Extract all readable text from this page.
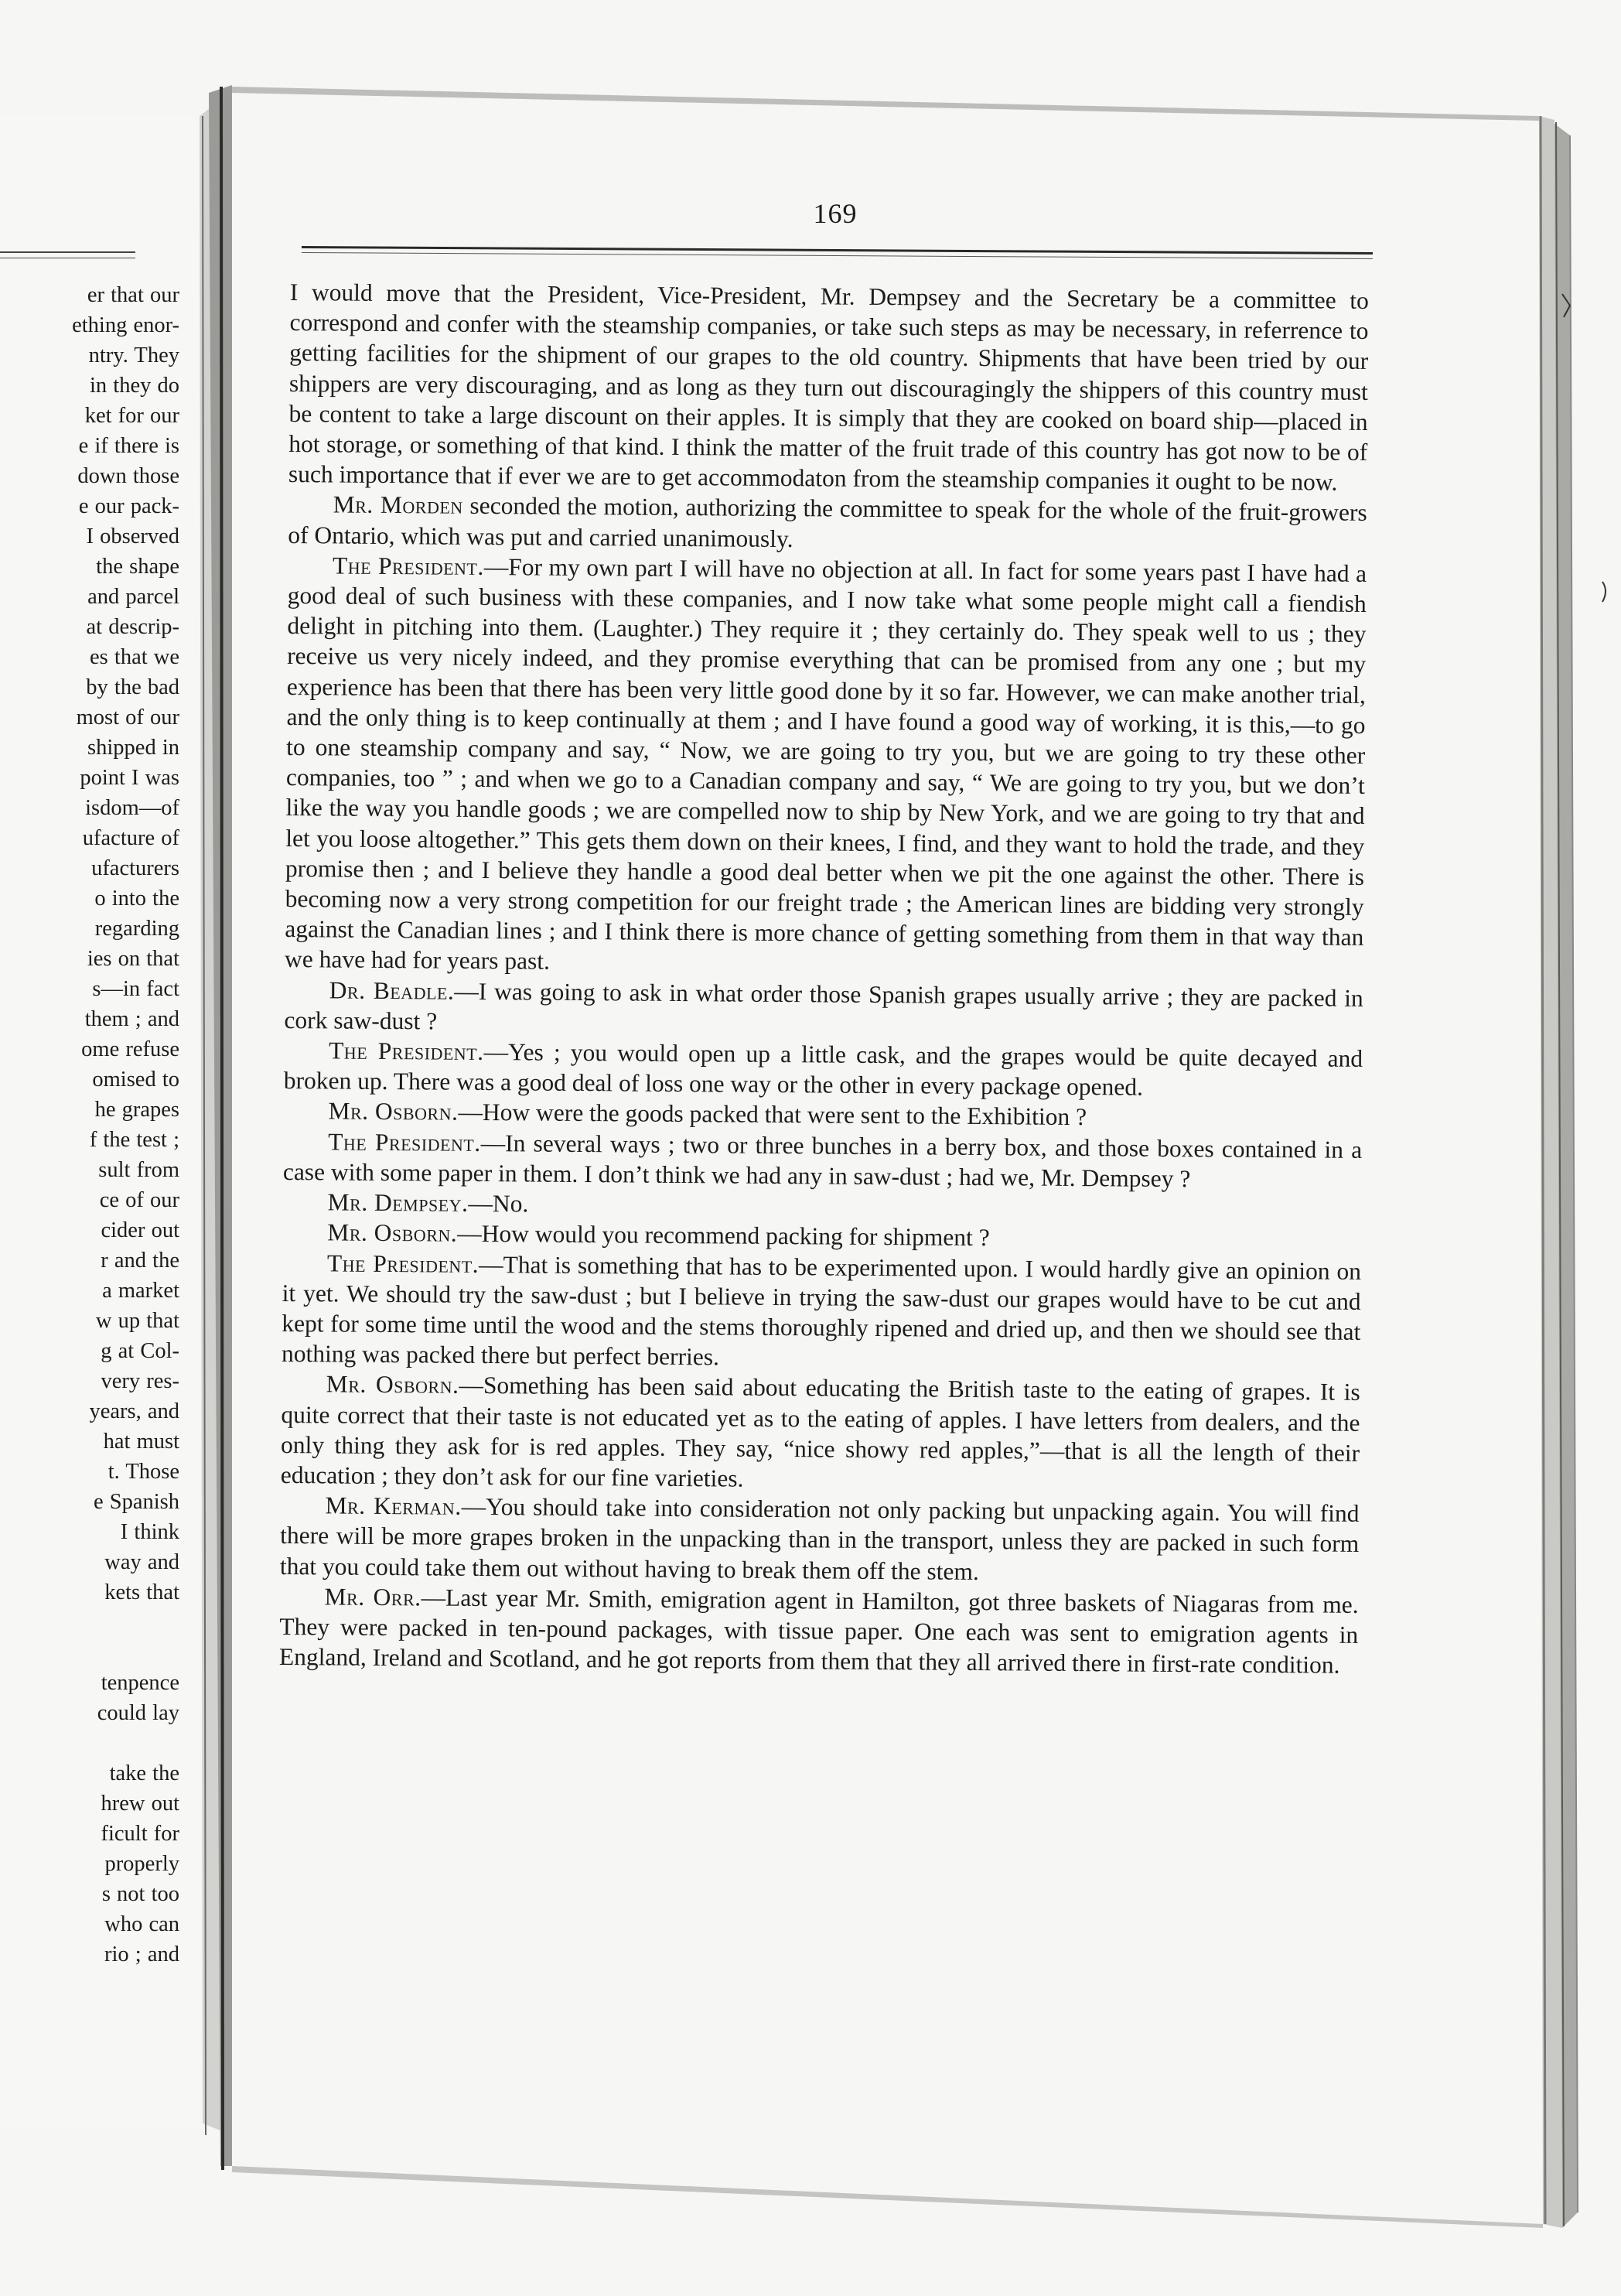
er that our
ething enor-
ntry. They
in they do
ket for our
e if there is
down those
e our pack-
I observed
the shape
and parcel
at descrip-
es that we
by the bad
most of our
shipped in
point I was
isdom—of
ufacture of
ufacturers
o into the
regarding
ies on that
s—in fact
them ; and
ome refuse
omised to
he grapes
f the test ;
sult from
ce of our
cider out
r and the
a market
w up that
g at Col-
very res-
years, and
hat must
t. Those
e Spanish
I think
way and
kets that
tenpence
could lay
take the
hrew out
ficult for
properly
s not too
who can
rio ; and
169

I would move that the President, Vice-President, Mr. Dempsey and the Secretary be a committee to correspond and confer with the steamship companies, or take such steps as may be necessary, in referrence to getting facilities for the shipment of our grapes to the old country. Shipments that have been tried by our shippers are very discouraging, and as long as they turn out discouragingly the shippers of this country must be content to take a large discount on their apples. It is simply that they are cooked on board ship—placed in hot storage, or something of that kind. I think the matter of the fruit trade of this country has got now to be of such importance that if ever we are to get accommodaton from the steamship companies it ought to be now.

Mr. Morden seconded the motion, authorizing the committee to speak for the whole of the fruit-growers of Ontario, which was put and carried unanimously.

The President.—For my own part I will have no objection at all. In fact for some years past I have had a good deal of such business with these companies, and I now take what some people might call a fiendish delight in pitching into them. (Laughter.) They require it ; they certainly do. They speak well to us ; they receive us very nicely indeed, and they promise everything that can be promised from any one ; but my experience has been that there has been very little good done by it so far. However, we can make another trial, and the only thing is to keep continually at them ; and I have found a good way of working, it is this,—to go to one steamship company and say, “ Now, we are going to try you, but we are going to try these other companies, too ” ; and when we go to a Canadian company and say, “ We are going to try you, but we don’t like the way you handle goods ; we are compelled now to ship by New York, and we are going to try that and let you loose altogether.” This gets them down on their knees, I find, and they want to hold the trade, and they promise then ; and I believe they handle a good deal better when we pit the one against the other. There is becoming now a very strong competition for our freight trade ; the American lines are bidding very strongly against the Canadian lines ; and I think there is more chance of getting something from them in that way than we have had for years past.

Dr. Beadle.—I was going to ask in what order those Spanish grapes usually arrive ; they are packed in cork saw-dust ?

The President.—Yes ; you would open up a little cask, and the grapes would be quite decayed and broken up. There was a good deal of loss one way or the other in every package opened.

Mr. Osborn.—How were the goods packed that were sent to the Exhibition ?

The President.—In several ways ; two or three bunches in a berry box, and those boxes contained in a case with some paper in them. I don’t think we had any in saw-dust ; had we, Mr. Dempsey ?

Mr. Dempsey.—No.

Mr. Osborn.—How would you recommend packing for shipment ?

The President.—That is something that has to be experimented upon. I would hardly give an opinion on it yet. We should try the saw-dust ; but I believe in trying the saw-dust our grapes would have to be cut and kept for some time until the wood and the stems thoroughly ripened and dried up, and then we should see that nothing was packed there but perfect berries.

Mr. Osborn.—Something has been said about educating the British taste to the eating of grapes. It is quite correct that their taste is not educated yet as to the eating of apples. I have letters from dealers, and the only thing they ask for is red apples. They say, “nice showy red apples,”—that is all the length of their education ; they don’t ask for our fine varieties.

Mr. Kerman.—You should take into consideration not only packing but unpacking again. You will find there will be more grapes broken in the unpacking than in the transport, unless they are packed in such form that you could take them out without having to break them off the stem.

Mr. Orr.—Last year Mr. Smith, emigration agent in Hamilton, got three baskets of Niagaras from me. They were packed in ten-pound packages, with tissue paper. One each was sent to emigration agents in England, Ireland and Scotland, and he got reports from them that they all arrived there in first-rate condition.
